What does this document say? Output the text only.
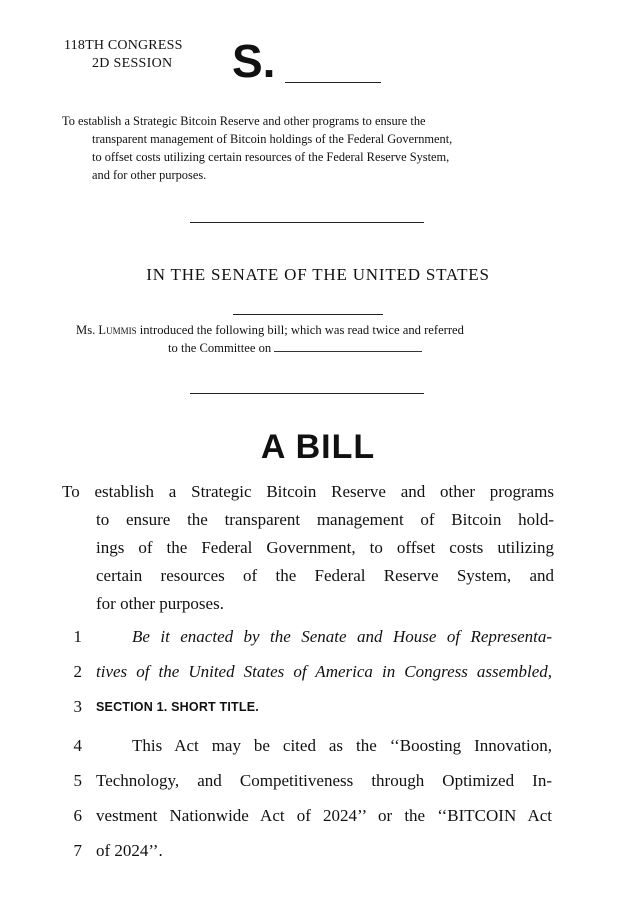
118TH CONGRESS
2D SESSION S.
To establish a Strategic Bitcoin Reserve and other programs to ensure the
transparent management of Bitcoin holdings of the Federal Government,
to offset costs utilizing certain resources of the Federal Reserve System,
and for other purposes.
IN THE SENATE OF THE UNITED STATES
Ms. Lummis introduced the following bill; which was read twice and referred
to the Committee on
A BILL
To establish a Strategic Bitcoin Reserve and other programs
to ensure the transparent management of Bitcoin hold-
ings of the Federal Government, to offset costs utilizing
certain resources of the Federal Reserve System, and
for other purposes.
1	Be it enacted by the Senate and House of Representa-
2 tives of the United States of America in Congress assembled,
3 SECTION 1. SHORT TITLE.
4	This Act may be cited as the ‘‘Boosting Innovation,
5 Technology, and Competitiveness through Optimized In-
6 vestment Nationwide Act of 2024’’ or the ‘‘BITCOIN Act
7 of 2024’’.
